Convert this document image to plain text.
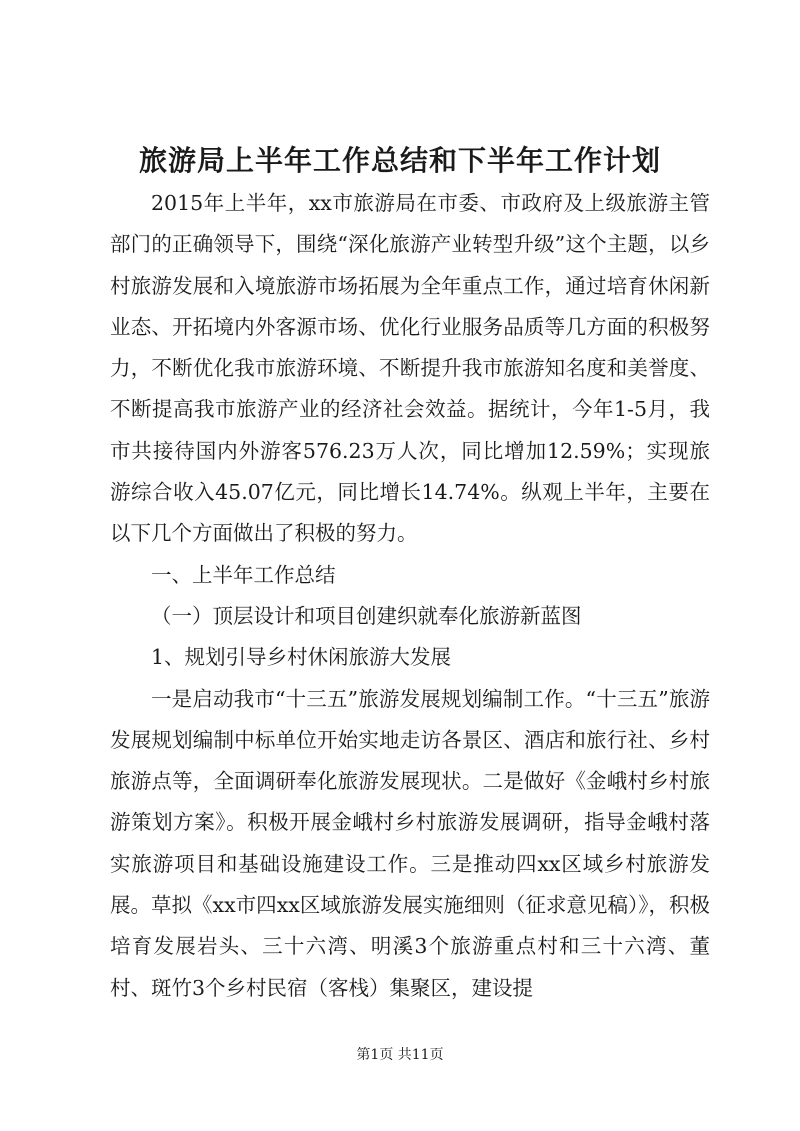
旅游局上半年工作总结和下半年工作计划

2015年上半年，xx市旅游局在市委、市政府及上级旅游主管部门的正确领导下，围绕“深化旅游产业转型升级”这个主题，以乡村旅游发展和入境旅游市场拓展为全年重点工作，通过培育休闲新业态、开拓境内外客源市场、优化行业服务品质等几方面的积极努力，不断优化我市旅游环境、不断提升我市旅游知名度和美誉度、不断提高我市旅游产业的经济社会效益。据统计，今年1-5月，我市共接待国内外游客576.23万人次，同比增加12.59%；实现旅游综合收入45.07亿元，同比增长14.74%。纵观上半年，主要在以下几个方面做出了积极的努力。

一、上半年工作总结

（一）顶层设计和项目创建织就奉化旅游新蓝图

1、规划引导乡村休闲旅游大发展

一是启动我市“十三五”旅游发展规划编制工作。“十三五”旅游发展规划编制中标单位开始实地走访各景区、酒店和旅行社、乡村旅游点等，全面调研奉化旅游发展现状。二是做好《金峨村乡村旅游策划方案》。积极开展金峨村乡村旅游发展调研，指导金峨村落实旅游项目和基础设施建设工作。三是推动四xx区域乡村旅游发展。草拟《xx市四xx区域旅游发展实施细则（征求意见稿）》，积极培育发展岩头、三十六湾、明溪3个旅游重点村和三十六湾、董村、斑竹3个乡村民宿（客栈）集聚区，建设提

第1页 共11页
